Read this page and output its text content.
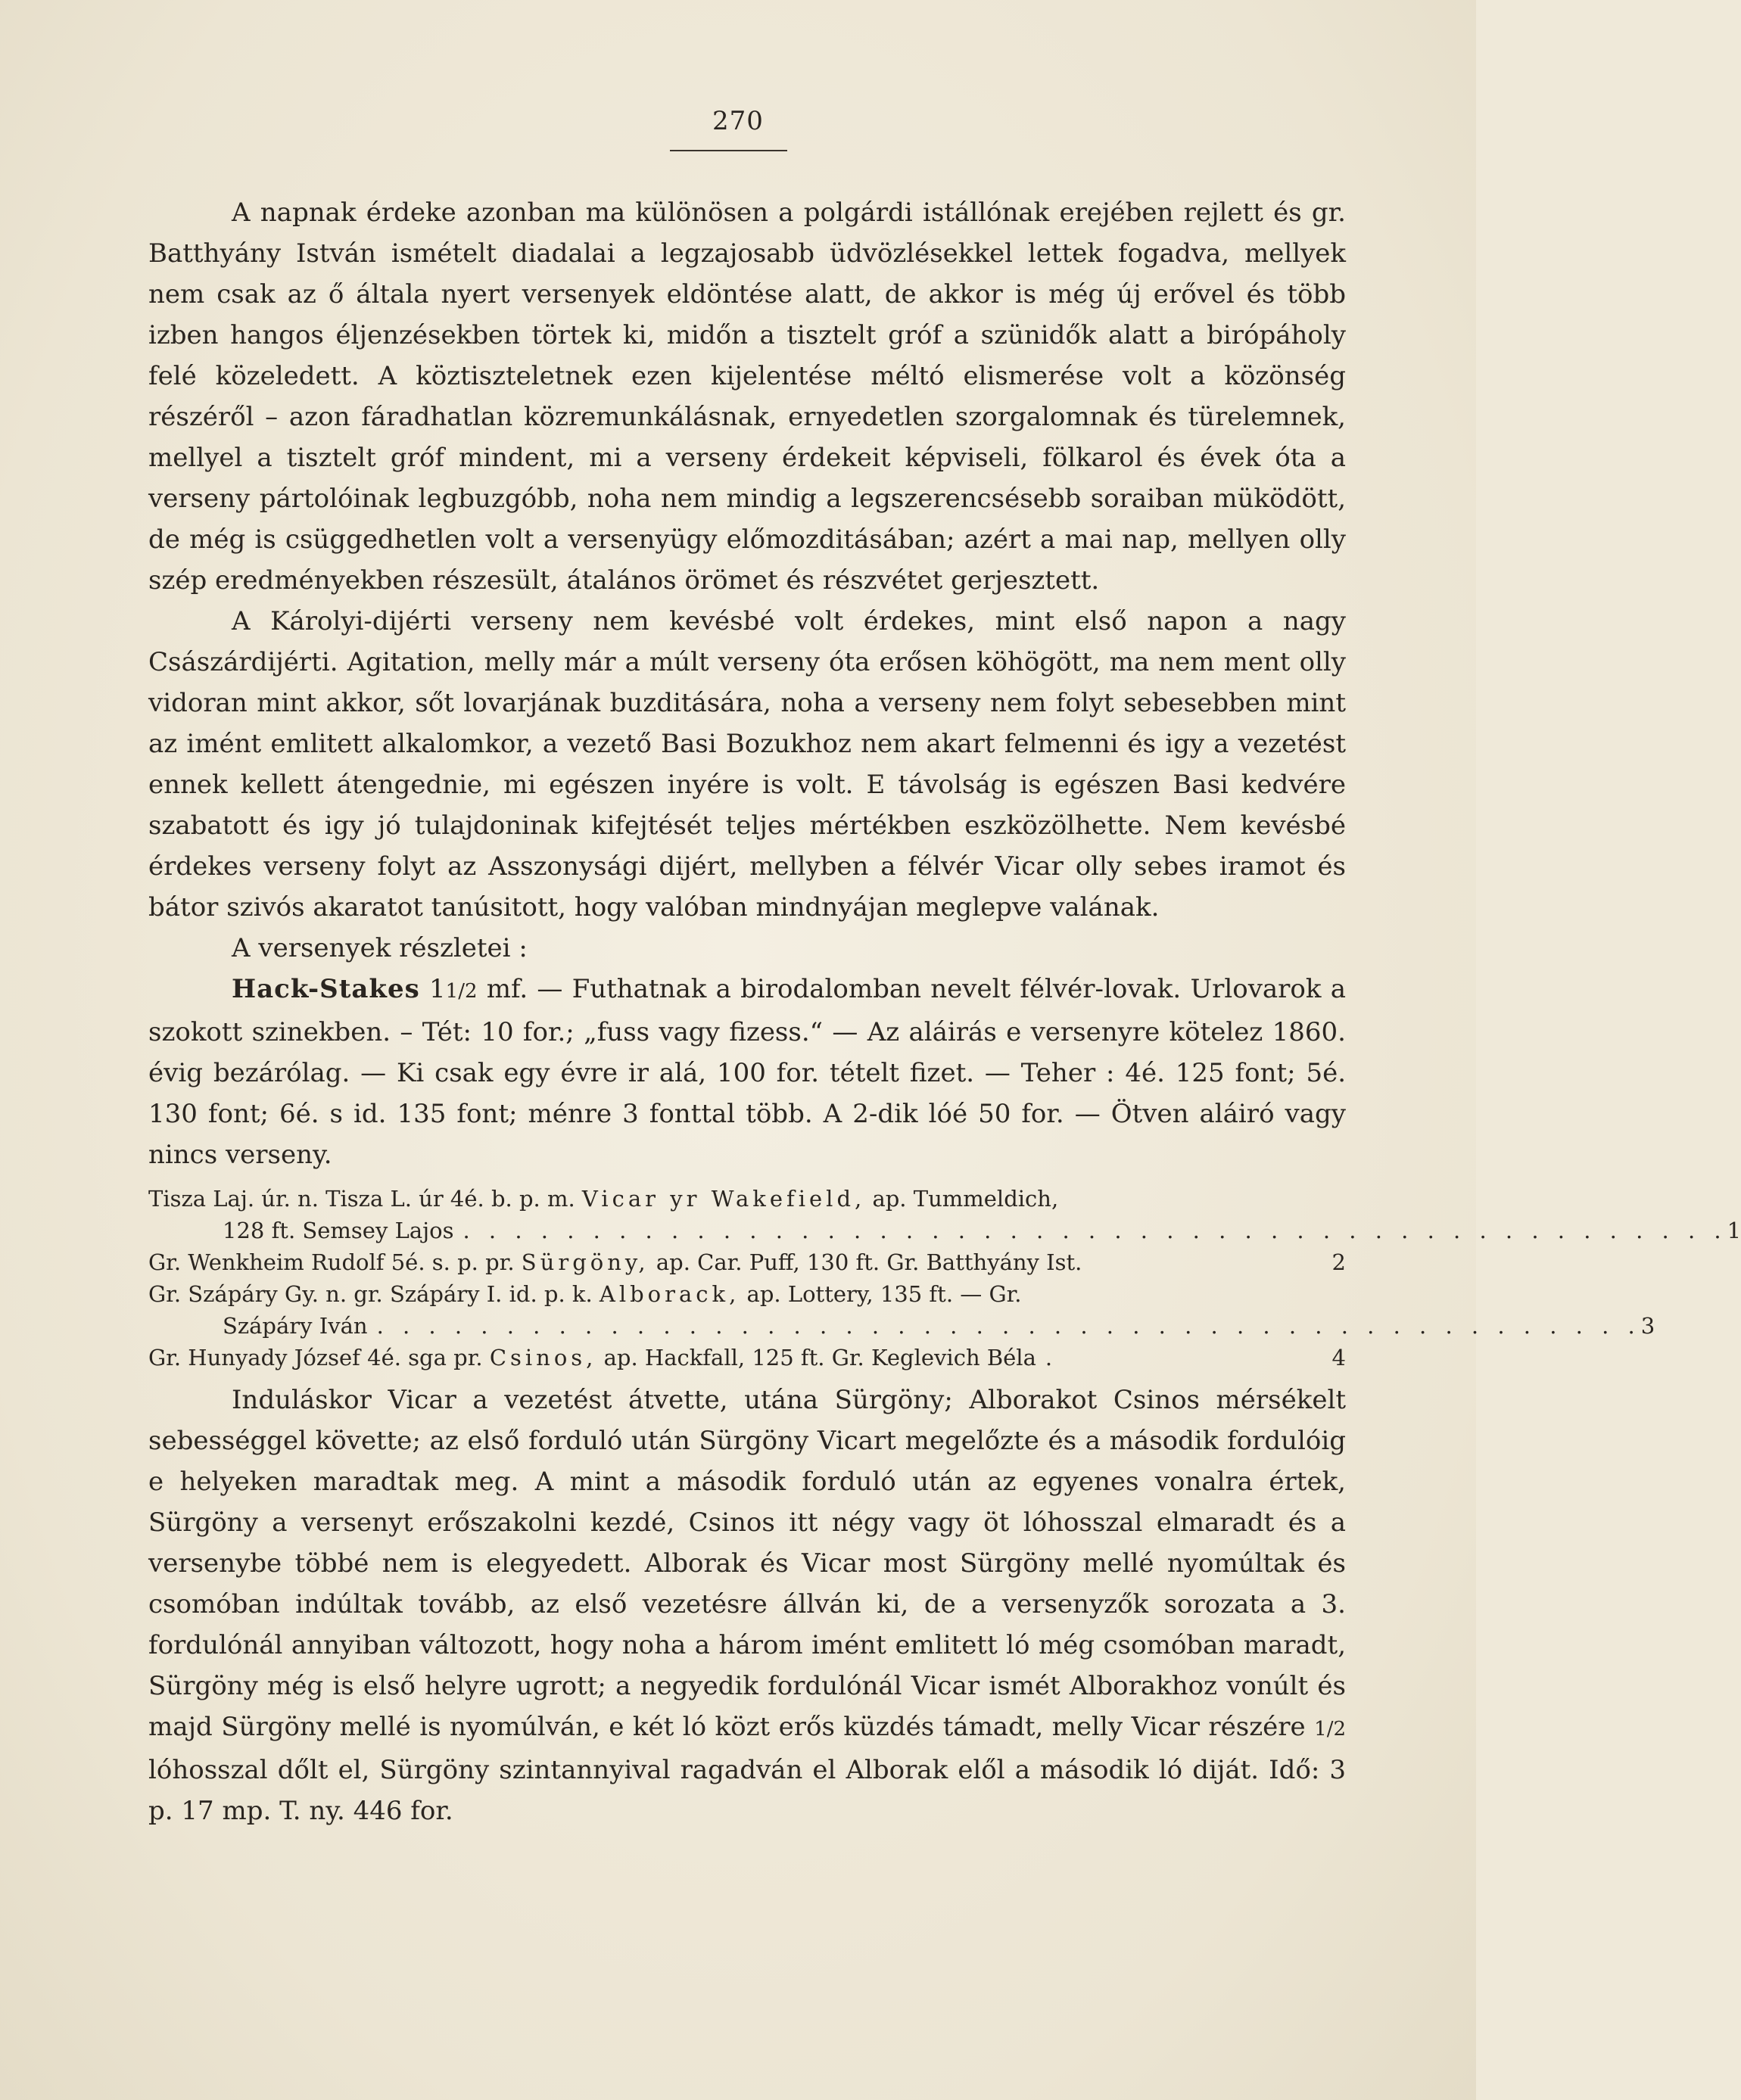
270

A napnak érdeke azonban ma különösen a polgárdi istállónak erejében rejlett és gr. Batthyány István ismételt diadalai a legzajosabb üdvözlésekkel lettek fogadva, mellyek nem csak az ő általa nyert versenyek eldöntése alatt, de akkor is még új erővel és több izben hangos éljenzésekben törtek ki, midőn a tisztelt gróf a szünidők alatt a birópáholy felé közeledett. A köztiszteletnek ezen kijelentése méltó elismerése volt a közönség részéről – azon fáradhatlan közremunkálásnak, ernyedetlen szorgalomnak és türelemnek, mellyel a tisztelt gróf mindent, mi a verseny érdekeit képviseli, fölkarol és évek óta a verseny pártolóinak legbuzgóbb, noha nem mindig a legszerencsésebb soraiban müködött, de még is csüggedhetlen volt a versenyügy előmozditásában; azért a mai nap, mellyen olly szép eredményekben részesült, átalános örömet és részvétet gerjesztett.

A Károlyi-dijérti verseny nem kevésbé volt érdekes, mint első napon a nagy Császárdijérti. Agitation, melly már a múlt verseny óta erősen köhögött, ma nem ment olly vidoran mint akkor, sőt lovarjának buzditására, noha a verseny nem folyt sebesebben mint az imént emlitett alkalomkor, a vezető Basi Bozukhoz nem akart felmenni és igy a vezetést ennek kellett átengednie, mi egészen inyére is volt. E távolság is egészen Basi kedvére szabatott és igy jó tulajdoninak kifejtését teljes mértékben eszközölhette. Nem kevésbé érdekes verseny folyt az Asszonysági dijért, mellyben a félvér Vicar olly sebes iramot és bátor szivós akaratot tanúsitott, hogy valóban mindnyájan meglepve valának.

A versenyek részletei :

Hack-Stakes 11/2 mf. — Futhatnak a birodalomban nevelt félvér-lovak. Urlovarok a szokott szinekben. – Tét: 10 for.; „fuss vagy fizess.“ — Az aláirás e versenyre kötelez 1860. évig bezárólag. — Ki csak egy évre ir alá, 100 for. tételt fizet. — Teher : 4é. 125 font; 5é. 130 font; 6é. s id. 135 font; ménre 3 fonttal több. A 2-dik lóé 50 for. — Ötven aláiró vagy nincs verseny.

Tisza Laj. úr. n. Tisza L. úr 4é. b. p. m. Vicar yr Wakefield, ap. Tummeldich,
128 ft. Semsey Lajos . . . . . . . . . . . . . . . . . . . . . . . . . . . . . . . . . . . . . . . . . . . . . . . . . 1
Gr. Wenkheim Rudolf 5é. s. p. pr. Sürgöny, ap. Car. Puff, 130 ft. Gr. Batthyány Ist.	2
Gr. Szápáry Gy. n. gr. Szápáry I. id. p. k. Alborack, ap. Lottery, 135 ft. — Gr.
Szápáry Iván . . . . . . . . . . . . . . . . . . . . . . . . . . . . . . . . . . . . . . . . . . . . . . . . . 3
Gr. Hunyady József 4é. sga pr. Csinos, ap. Hackfall, 125 ft. Gr. Keglevich Béla .	4

Induláskor Vicar a vezetést átvette, utána Sürgöny; Alborakot Csinos mérsékelt sebességgel követte; az első forduló után Sürgöny Vicart megelőzte és a második fordulóig e helyeken maradtak meg. A mint a második forduló után az egyenes vonalra értek, Sürgöny a versenyt erőszakolni kezdé, Csinos itt négy vagy öt lóhosszal elmaradt és a versenybe többé nem is elegyedett. Alborak és Vicar most Sürgöny mellé nyomúltak és csomóban indúltak tovább, az első vezetésre állván ki, de a versenyzők sorozata a 3. fordulónál annyiban változott, hogy noha a három imént emlitett ló még csomóban maradt, Sürgöny még is első helyre ugrott; a negyedik fordulónál Vicar ismét Alborakhoz vonúlt és majd Sürgöny mellé is nyomúlván, e két ló közt erős küzdés támadt, melly Vicar részére 1/2 lóhosszal dőlt el, Sürgöny szintannyival ragadván el Alborak elől a második ló diját. Idő: 3 p. 17 mp. T. ny. 446 for.
